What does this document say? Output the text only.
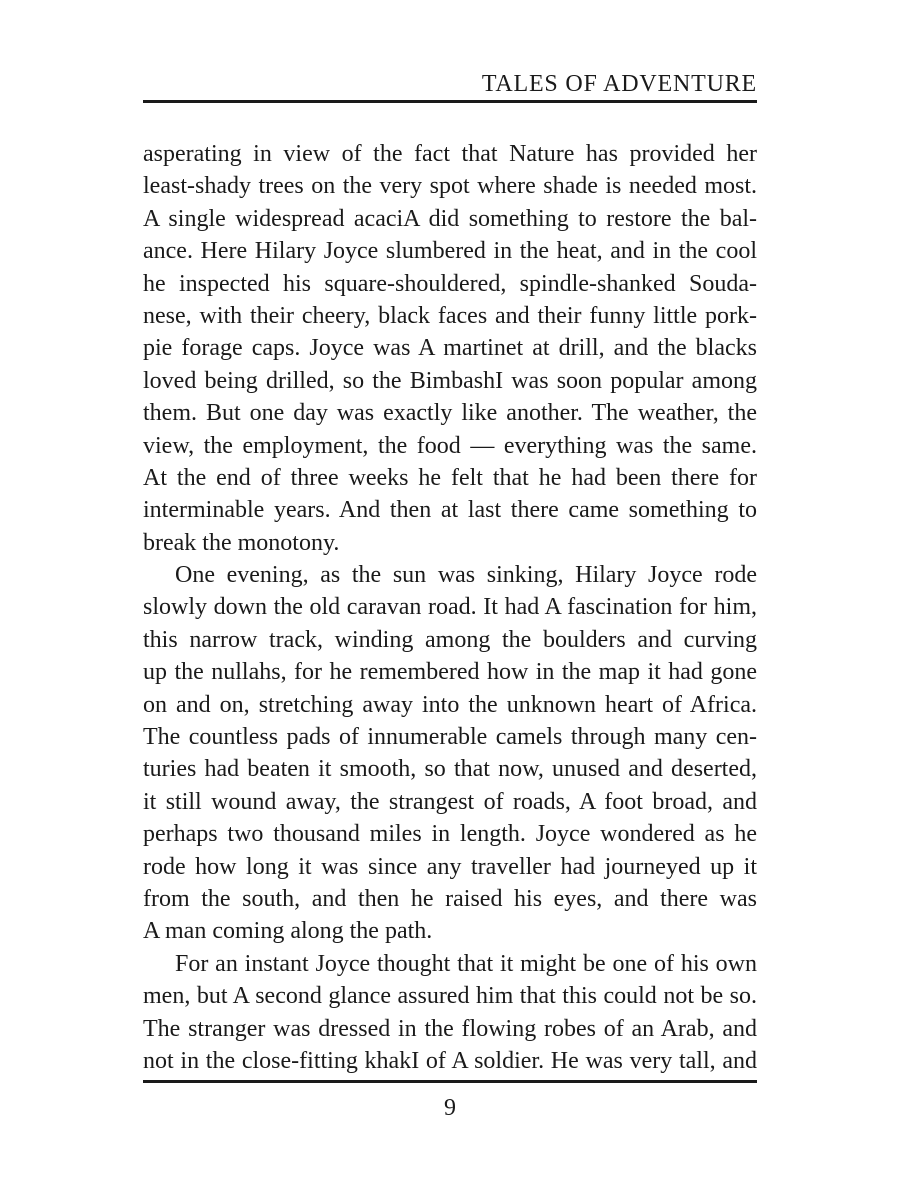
TALES OF ADVENTURE
asperating in view of the fact that Nature has provided her
least-shady trees on the very spot where shade is needed most.
A single widespread acaciA did something to restore the bal-
ance. Here Hilary Joyce slumbered in the heat, and in the cool
he inspected his square-shouldered, spindle-shanked Souda-
nese, with their cheery, black faces and their funny little pork-
pie forage caps. Joyce was A martinet at drill, and the blacks
loved being drilled, so the BimbashI was soon popular among
them. But one day was exactly like another. The weather, the
view, the employment, the food — everything was the same.
At the end of three weeks he felt that he had been there for
interminable years. And then at last there came something to
break the monotony.
One evening, as the sun was sinking, Hilary Joyce rode
slowly down the old caravan road. It had A fascination for him,
this narrow track, winding among the boulders and curving
up the nullahs, for he remembered how in the map it had gone
on and on, stretching away into the unknown heart of Africa.
The countless pads of innumerable camels through many cen-
turies had beaten it smooth, so that now, unused and deserted,
it still wound away, the strangest of roads, A foot broad, and
perhaps two thousand miles in length. Joyce wondered as he
rode how long it was since any traveller had journeyed up it
from the south, and then he raised his eyes, and there was
A man coming along the path.
For an instant Joyce thought that it might be one of his own
men, but A second glance assured him that this could not be so.
The stranger was dressed in the flowing robes of an Arab, and
not in the close-fitting khakI of A soldier. He was very tall, and
9
